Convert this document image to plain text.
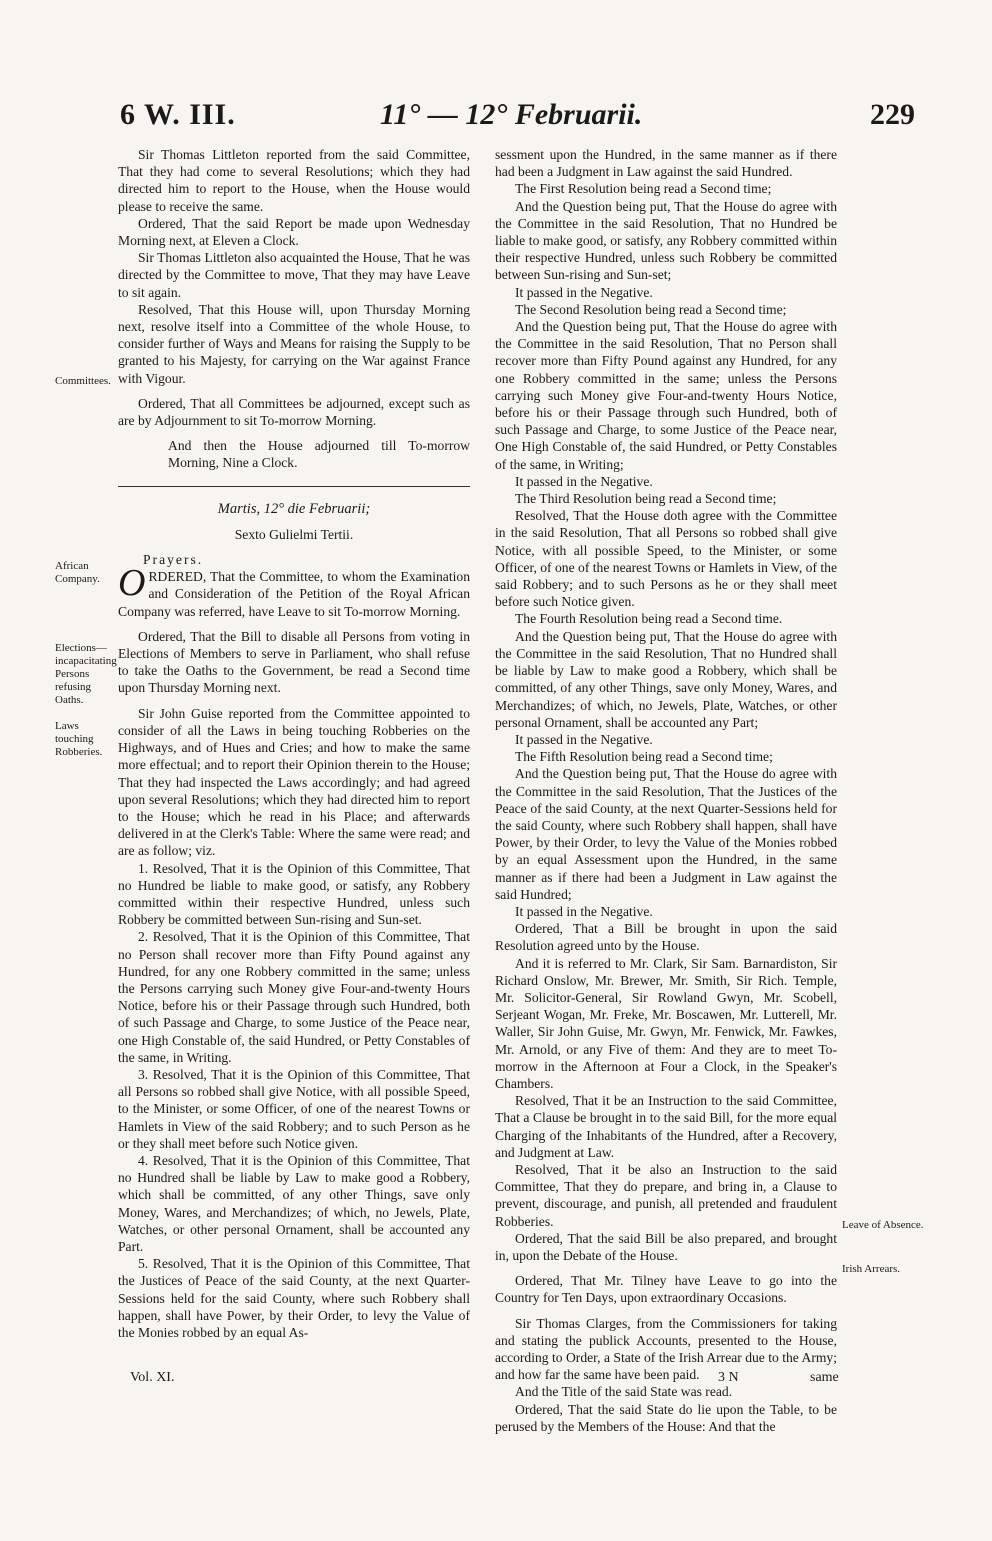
6 W. III.	11° — 12° Februarii.	229
Committees.
African Company.
Elections—incapacitating Persons refusing Oaths.
Laws touching Robberies.
Leave of Absence.
Irish Arrears.

Sir Thomas Littleton reported from the said Committee, That they had come to several Resolutions; which they had directed him to report to the House, when the House would please to receive the same.

Ordered, That the said Report be made upon Wednesday Morning next, at Eleven a Clock.

Sir Thomas Littleton also acquainted the House, That he was directed by the Committee to move, That they may have Leave to sit again.

Resolved, That this House will, upon Thursday Morning next, resolve itself into a Committee of the whole House, to consider further of Ways and Means for raising the Supply to be granted to his Majesty, for carrying on the War against France with Vigour.

Ordered, That all Committees be adjourned, except such as are by Adjournment to sit To-morrow Morning.

And then the House adjourned till To-morrow Morning, Nine a Clock.

Martis, 12° die Februarii;

Sexto Gulielmi Tertii.

Prayers.

ORDERED, That the Committee, to whom the Examination and Consideration of the Petition of the Royal African Company was referred, have Leave to sit To-morrow Morning.

Ordered, That the Bill to disable all Persons from voting in Elections of Members to serve in Parliament, who shall refuse to take the Oaths to the Government, be read a Second time upon Thursday Morning next.

Sir John Guise reported from the Committee appointed to consider of all the Laws in being touching Robberies on the Highways, and of Hues and Cries; and how to make the same more effectual; and to report their Opinion therein to the House; That they had inspected the Laws accordingly; and had agreed upon several Resolutions; which they had directed him to report to the House; which he read in his Place; and afterwards delivered in at the Clerk's Table: Where the same were read; and are as follow; viz.

1. Resolved, That it is the Opinion of this Committee, That no Hundred be liable to make good, or satisfy, any Robbery committed within their respective Hundred, unless such Robbery be committed between Sun-rising and Sun-set.

2. Resolved, That it is the Opinion of this Committee, That no Person shall recover more than Fifty Pound against any Hundred, for any one Robbery committed in the same; unless the Persons carrying such Money give Four-and-twenty Hours Notice, before his or their Passage through such Hundred, both of such Passage and Charge, to some Justice of the Peace near, one High Constable of, the said Hundred, or Petty Constables of the same, in Writing.

3. Resolved, That it is the Opinion of this Committee, That all Persons so robbed shall give Notice, with all possible Speed, to the Minister, or some Officer, of one of the nearest Towns or Hamlets in View of the said Robbery; and to such Person as he or they shall meet before such Notice given.

4. Resolved, That it is the Opinion of this Committee, That no Hundred shall be liable by Law to make good a Robbery, which shall be committed, of any other Things, save only Money, Wares, and Merchandizes; of which, no Jewels, Plate, Watches, or other personal Ornament, shall be accounted any Part.

5. Resolved, That it is the Opinion of this Committee, That the Justices of Peace of the said County, at the next Quarter-Sessions held for the said County, where such Robbery shall happen, shall have Power, by their Order, to levy the Value of the Monies robbed by an equal As-

sessment upon the Hundred, in the same manner as if there had been a Judgment in Law against the said Hundred.

The First Resolution being read a Second time;

And the Question being put, That the House do agree with the Committee in the said Resolution, That no Hundred be liable to make good, or satisfy, any Robbery committed within their respective Hundred, unless such Robbery be committed between Sun-rising and Sun-set;

It passed in the Negative.

The Second Resolution being read a Second time;

And the Question being put, That the House do agree with the Committee in the said Resolution, That no Person shall recover more than Fifty Pound against any Hundred, for any one Robbery committed in the same; unless the Persons carrying such Money give Four-and-twenty Hours Notice, before his or their Passage through such Hundred, both of such Passage and Charge, to some Justice of the Peace near, One High Constable of, the said Hundred, or Petty Constables of the same, in Writing;

It passed in the Negative.

The Third Resolution being read a Second time;

Resolved, That the House doth agree with the Committee in the said Resolution, That all Persons so robbed shall give Notice, with all possible Speed, to the Minister, or some Officer, of one of the nearest Towns or Hamlets in View, of the said Robbery; and to such Persons as he or they shall meet before such Notice given.

The Fourth Resolution being read a Second time.

And the Question being put, That the House do agree with the Committee in the said Resolution, That no Hundred shall be liable by Law to make good a Robbery, which shall be committed, of any other Things, save only Money, Wares, and Merchandizes; of which, no Jewels, Plate, Watches, or other personal Ornament, shall be accounted any Part;

It passed in the Negative.

The Fifth Resolution being read a Second time;

And the Question being put, That the House do agree with the Committee in the said Resolution, That the Justices of the Peace of the said County, at the next Quarter-Sessions held for the said County, where such Robbery shall happen, shall have Power, by their Order, to levy the Value of the Monies robbed by an equal Assessment upon the Hundred, in the same manner as if there had been a Judgment in Law against the said Hundred;

It passed in the Negative.

Ordered, That a Bill be brought in upon the said Resolution agreed unto by the House.

And it is referred to Mr. Clark, Sir Sam. Barnardiston, Sir Richard Onslow, Mr. Brewer, Mr. Smith, Sir Rich. Temple, Mr. Solicitor-General, Sir Rowland Gwyn, Mr. Scobell, Serjeant Wogan, Mr. Freke, Mr. Boscawen, Mr. Lutterell, Mr. Waller, Sir John Guise, Mr. Gwyn, Mr. Fenwick, Mr. Fawkes, Mr. Arnold, or any Five of them: And they are to meet To-morrow in the Afternoon at Four a Clock, in the Speaker's Chambers.

Resolved, That it be an Instruction to the said Committee, That a Clause be brought in to the said Bill, for the more equal Charging of the Inhabitants of the Hundred, after a Recovery, and Judgment at Law.

Resolved, That it be also an Instruction to the said Committee, That they do prepare, and bring in, a Clause to prevent, discourage, and punish, all pretended and fraudulent Robberies.

Ordered, That the said Bill be also prepared, and brought in, upon the Debate of the House.

Ordered, That Mr. Tilney have Leave to go into the Country for Ten Days, upon extraordinary Occasions.

Sir Thomas Clarges, from the Commissioners for taking and stating the publick Accounts, presented to the House, according to Order, a State of the Irish Arrear due to the Army; and how far the same have been paid.

And the Title of the said State was read.

Ordered, That the said State do lie upon the Table, to be perused by the Members of the House: And that the

Vol. XI.	3 N	same
